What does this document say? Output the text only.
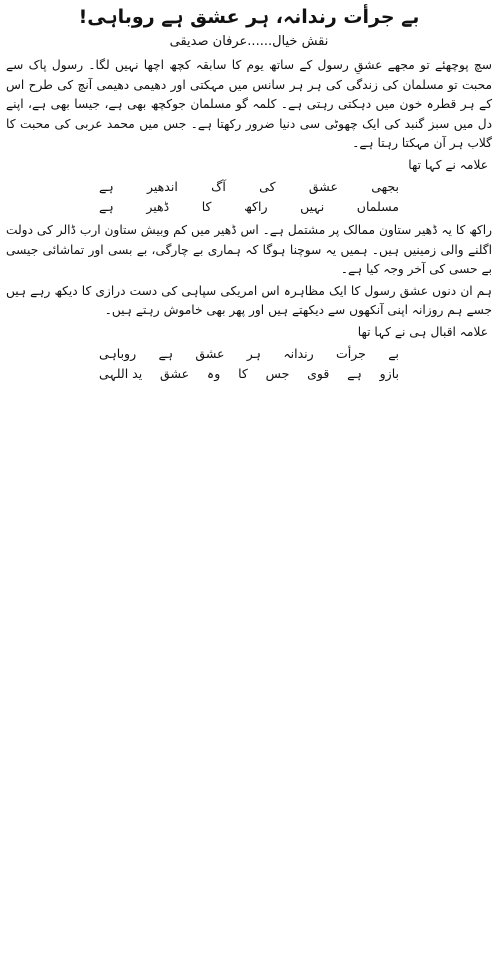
بے جرأت رندانہ، ہر عشق ہے روباہی!
نقش خیال......عرفان صدیقی

سچ پوچھئے تو مجھے عشقِ رسول کے ساتھ یوم کا سابقہ کچھ اچھا نہیں لگا۔ رسول پاک سے محبت تو مسلمان کی زندگی کی ہر ہر سانس میں مہکتی اور دھیمی دھیمی آنچ کی طرح اس کے ہر قطرہ خون میں دہکتی رہتی ہے۔ کلمہ گو مسلمان جوکچھ بھی ہے، جیسا بھی ہے، اپنے دل میں سبز گنبد کی ایک چھوٹی سی دنیا ضرور رکھتا ہے۔ جس میں محمد عربی کی محبت کا گلاب ہر آن مہکتا رہتا ہے۔

علامہ نے کہا تھا
بجھی
عشق
کی
آگ
اندھیر
ہے
مسلماں
نہیں
راکھ
کا
ڈھیر
ہے

راکھ کا یہ ڈھیر ستاون ممالک پر مشتمل ہے۔ اس ڈھیر میں کم وبیش ستاون ارب ڈالر کی دولت اگلنے والی زمینیں ہیں۔ ہمیں یہ سوچنا ہوگا کہ ہماری بے چارگی، بے بسی اور تماشائی جیسی بے حسی کی آخر وجہ کیا ہے۔

ہم ان دنوں عشق رسول کا ایک مظاہرہ اس امریکی سپاہی کی دست درازی کا دیکھ رہے ہیں جسے ہم روزانہ اپنی آنکھوں سے دیکھتے ہیں اور پھر بھی خاموش رہتے ہیں۔

علامہ اقبال ہی نے کہا تھا
بے
جرأت
رندانہ
ہر
عشق
ہے
روباہی
بازو
ہے
قوی
جس
کا
وہ
عشق
ید اللہی
